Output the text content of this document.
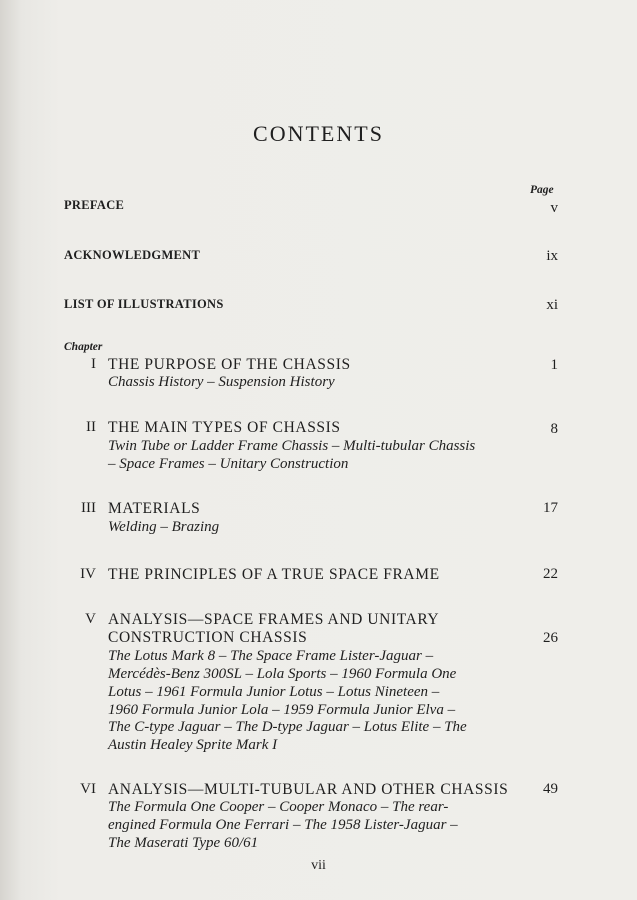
CONTENTS
Page
PREFACE	v
ACKNOWLEDGMENT	ix
LIST OF ILLUSTRATIONS	xi
Chapter
I THE PURPOSE OF THE CHASSIS	1
Chassis History – Suspension History
II THE MAIN TYPES OF CHASSIS	8
Twin Tube or Ladder Frame Chassis – Multi-tubular Chassis
– Space Frames – Unitary Construction
III MATERIALS	17
Welding – Brazing
IV THE PRINCIPLES OF A TRUE SPACE FRAME	22
V ANALYSIS—SPACE FRAMES AND UNITARY
CONSTRUCTION CHASSIS	26
The Lotus Mark 8 – The Space Frame Lister-Jaguar –
Mercédès-Benz 300SL – Lola Sports – 1960 Formula One
Lotus – 1961 Formula Junior Lotus – Lotus Nineteen –
1960 Formula Junior Lola – 1959 Formula Junior Elva –
The C-type Jaguar – The D-type Jaguar – Lotus Elite – The
Austin Healey Sprite Mark I
VI ANALYSIS—MULTI-TUBULAR AND OTHER CHASSIS	49
The Formula One Cooper – Cooper Monaco – The rear-
engined Formula One Ferrari – The 1958 Lister-Jaguar –
The Maserati Type 60/61
vii
